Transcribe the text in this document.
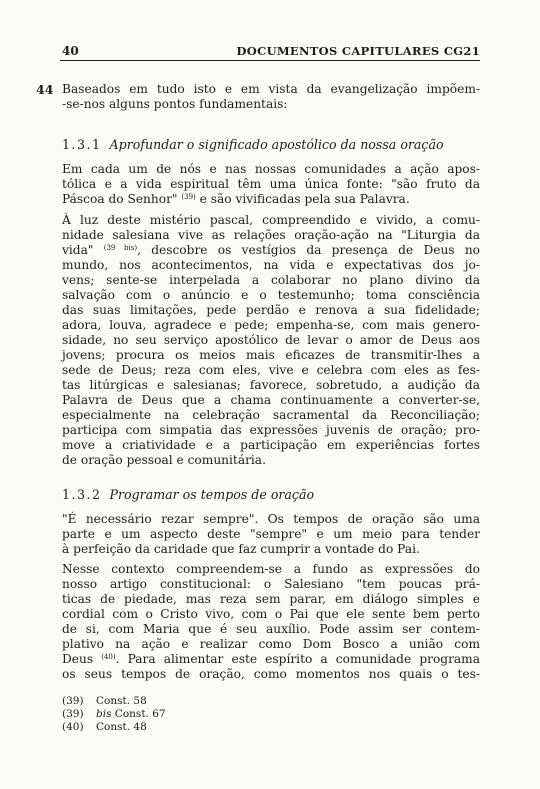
40	DOCUMENTOS CAPITULARES CG21
44 Baseados em tudo isto e em vista da evangelização impõem-
-se-nos alguns pontos fundamentais:
1.3.1 Aprofundar o significado apostólico da nossa oração
Em cada um de nós e nas nossas comunidades a ação apos-
tólica e a vida espiritual têm uma única fonte: "são fruto da
Páscoa do Senhor" $^{(39)}$ e são vivificadas pela sua Palavra.
À luz deste mistério pascal, compreendido e vivido, a comu-
nidade salesiana vive as relações oração-ação na "Liturgia da
vida" $^{(39 bis)}$, descobre os vestígios da presença de Deus no
mundo, nos acontecimentos, na vida e expectativas dos jo-
vens; sente-se interpelada a colaborar no plano divino da
salvação com o anúncio e o testemunho; toma consciência
das suas limitações, pede perdão e renova a sua fidelidade;
adora, louva, agradece e pede; empenha-se, com mais genero-
sidade, no seu serviço apostólico de levar o amor de Deus aos
jovens; procura os meios mais eficazes de transmitir-lhes a
sede de Deus; reza com eles, vive e celebra com eles as fes-
tas litúrgicas e salesianas; favorece, sobretudo, a audição da
Palavra de Deus que a chama continuamente a converter-se,
especialmente na celebração sacramental da Reconciliação;
participa com simpatia das expressões juvenis de oração; pro-
move a criatividade e a participação em experiências fortes
de oração pessoal e comunitária.
1.3.2 Programar os tempos de oração
"É necessário rezar sempre". Os tempos de oração são uma
parte e um aspecto deste "sempre" e um meio para tender
à perfeição da caridade que faz cumprir a vontade do Pai.
Nesse contexto compreendem-se a fundo as expressões do
nosso artigo constitucional: o Salesiano "tem poucas prá-
ticas de piedade, mas reza sem parar, em diálogo simples e
cordial com o Cristo vivo, com o Pai que ele sente bem perto
de si, com Maria que é seu auxílio. Pode assim ser contem-
plativo na ação e realizar como Dom Bosco a união com
Deus $^{(40)}$. Para alimentar este espírito a comunidade programa
os seus tempos de oração, como momentos nos quais o tes-
(39) Const. 58
(39) bis Const. 67
(40) Const. 48
